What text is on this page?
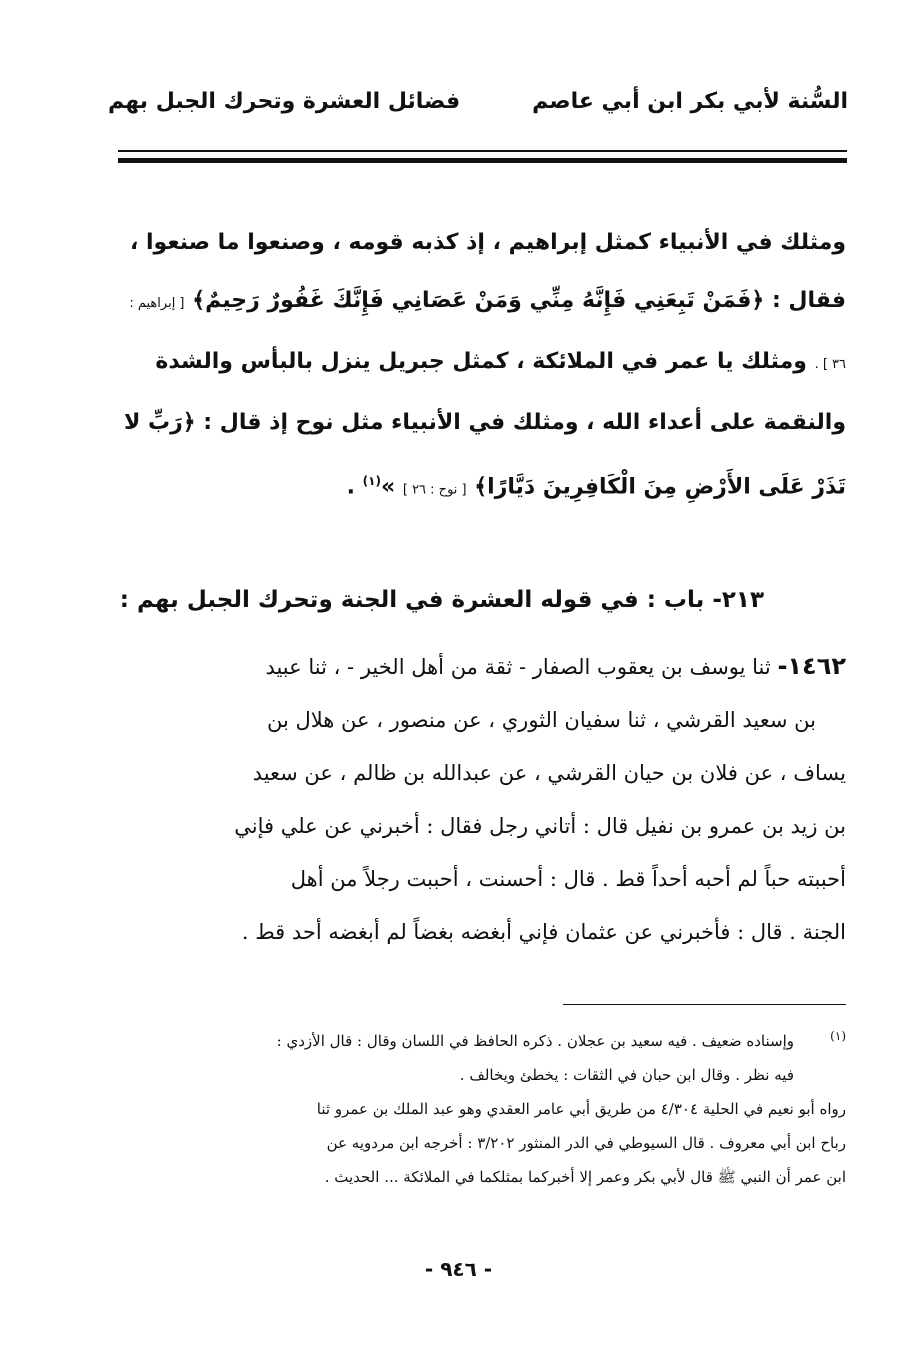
السُّنة لأبي بكر ابن أبي عاصم
فضائل العشرة وتحرك الجبل بهم
ومثلك في الأنبياء كمثل إبراهيم ، إذ كذبه قومه ، وصنعوا ما صنعوا ،
فقال : ﴿فَمَنْ تَبِعَنِي فَإِنَّهُ مِنِّي وَمَنْ عَصَانِي فَإِنَّكَ غَفُورٌ رَحِيمٌ﴾ [ إبراهيم :
٣٦ ] . ومثلك يا عمر في الملائكة ، كمثل جبريل ينزل بالبأس والشدة
والنقمة على أعداء الله ، ومثلك في الأنبياء مثل نوح إذ قال : ﴿رَبِّ لا
تَذَرْ عَلَى الأَرْضِ مِنَ الْكَافِرِينَ دَيَّارًا﴾ [ نوح : ٢٦ ] »$^{(١)}$ .
٢١٣- باب : في قوله العشرة في الجنة وتحرك الجبل بهم :
١٤٦٢- ثنا يوسف بن يعقوب الصفار - ثقة من أهل الخير - ، ثنا عبيد
بن سعيد القرشي ، ثنا سفيان الثوري ، عن منصور ، عن هلال بن
يساف ، عن فلان بن حيان القرشي ، عن عبدالله بن ظالم ، عن سعيد
بن زيد بن عمرو بن نفيل قال : أتاني رجل فقال : أخبرني عن علي فإني
أحببته حباً لم أحبه أحداً قط . قال : أحسنت ، أحببت رجلاً من أهل
الجنة . قال : فأخبرني عن عثمان فإني أبغضه بغضاً لم أبغضه أحد قط .
(١)وإسناده ضعيف . فيه سعيد بن عجلان . ذكره الحافظ في اللسان وقال : قال الأزدي :
فيه نظر . وقال ابن حبان في الثقات : يخطئ ويخالف .
رواه أبو نعيم في الحلية ٤/٣٠٤ من طريق أبي عامر العقدي وهو عبد الملك بن عمرو ثنا
رباح ابن أبي معروف . قال السيوطي في الدر المنثور ٣/٢٠٢ : أخرجه ابن مردويه عن
ابن عمر أن النبي ﷺ قال لأبي بكر وعمر إلا أخبركما بمثلكما في الملائكة ... الحديث .
- ٩٤٦ -
